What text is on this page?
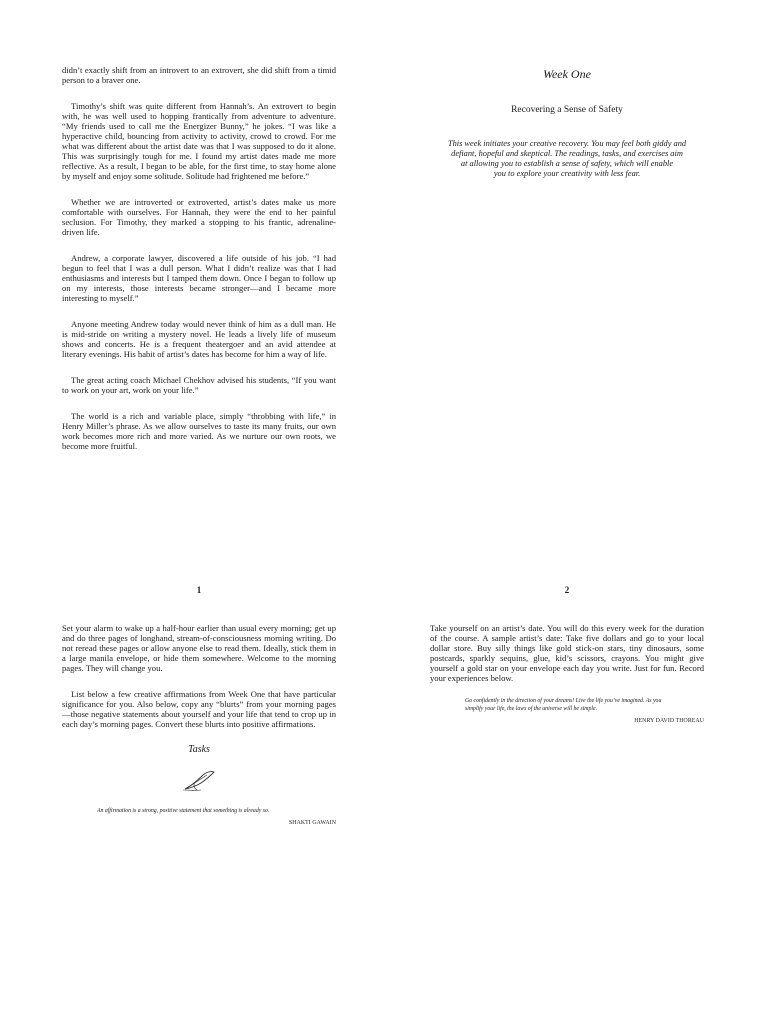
didn’t exactly shift from an introvert to an extrovert, she did shift from a timid person to a braver one.

Timothy’s shift was quite different from Hannah’s. An extrovert to begin with, he was well used to hopping frantically from adventure to adventure. “My friends used to call me the Energizer Bunny,” he jokes. “I was like a hyperactive child, bouncing from activity to activity, crowd to crowd. For me what was different about the artist date was that I was supposed to do it alone. This was surprisingly tough for me. I found my artist dates made me more reflective. As a result, I began to be able, for the first time, to stay home alone by myself and enjoy some solitude. Solitude had frightened me before.”

Whether we are introverted or extroverted, artist’s dates make us more comfortable with ourselves. For Hannah, they were the end to her painful seclusion. For Timothy, they marked a stopping to his frantic, adrenaline-driven life.

Andrew, a corporate lawyer, discovered a life outside of his job. “I had begun to feel that I was a dull person. What I didn’t realize was that I had enthusiasms and interests but I tamped them down. Once I began to follow up on my interests, those interests became stronger—and I became more interesting to myself.”

Anyone meeting Andrew today would never think of him as a dull man. He is mid-stride on writing a mystery novel. He leads a lively life of museum shows and concerts. He is a frequent theatergoer and an avid attendee at literary evenings. His habit of artist’s dates has become for him a way of life.

The great acting coach Michael Chekhov advised his students, “If you want to work on your art, work on your life.”

The world is a rich and variable place, simply “throbbing with life,” in Henry Miller’s phrase. As we allow ourselves to taste its many fruits, our own work becomes more rich and more varied. As we nurture our own roots, we become more fruitful.

Week One
Recovering a Sense of Safety
This week initiates your creative recovery. You may feel both giddy and
defiant, hopeful and skeptical. The readings, tasks, and exercises aim
at allowing you to establish a sense of safety, which will enable
you to explore your creativity with less fear.
1	2

Set your alarm to wake up a half-hour earlier than usual every morning; get up and do three pages of longhand, stream-of-consciousness morning writing. Do not reread these pages or allow anyone else to read them. Ideally, stick them in a large manila envelope, or hide them somewhere. Welcome to the morning pages. They will change you.

List below a few creative affirmations from Week One that have particular significance for you. Also below, copy any “blurts” from your morning pages—those negative statements about yourself and your life that tend to crop up in each day’s morning pages. Convert these blurts into positive affirmations.

Tasks
An affirmation is a strong, positive statement that something is already so.
SHAKTI GAWAIN

Take yourself on an artist’s date. You will do this every week for the duration of the course. A sample artist’s date: Take five dollars and go to your local dollar store. Buy silly things like gold stick-on stars, tiny dinosaurs, some postcards, sparkly sequins, glue, kid’s scissors, crayons. You might give yourself a gold star on your envelope each day you write. Just for fun. Record your experiences below.

Go confidently in the direction of your dreams! Live the life you’ve imagined. As you
simplify your life, the laws of the universe will be simple.
HENRY DAVID THOREAU
